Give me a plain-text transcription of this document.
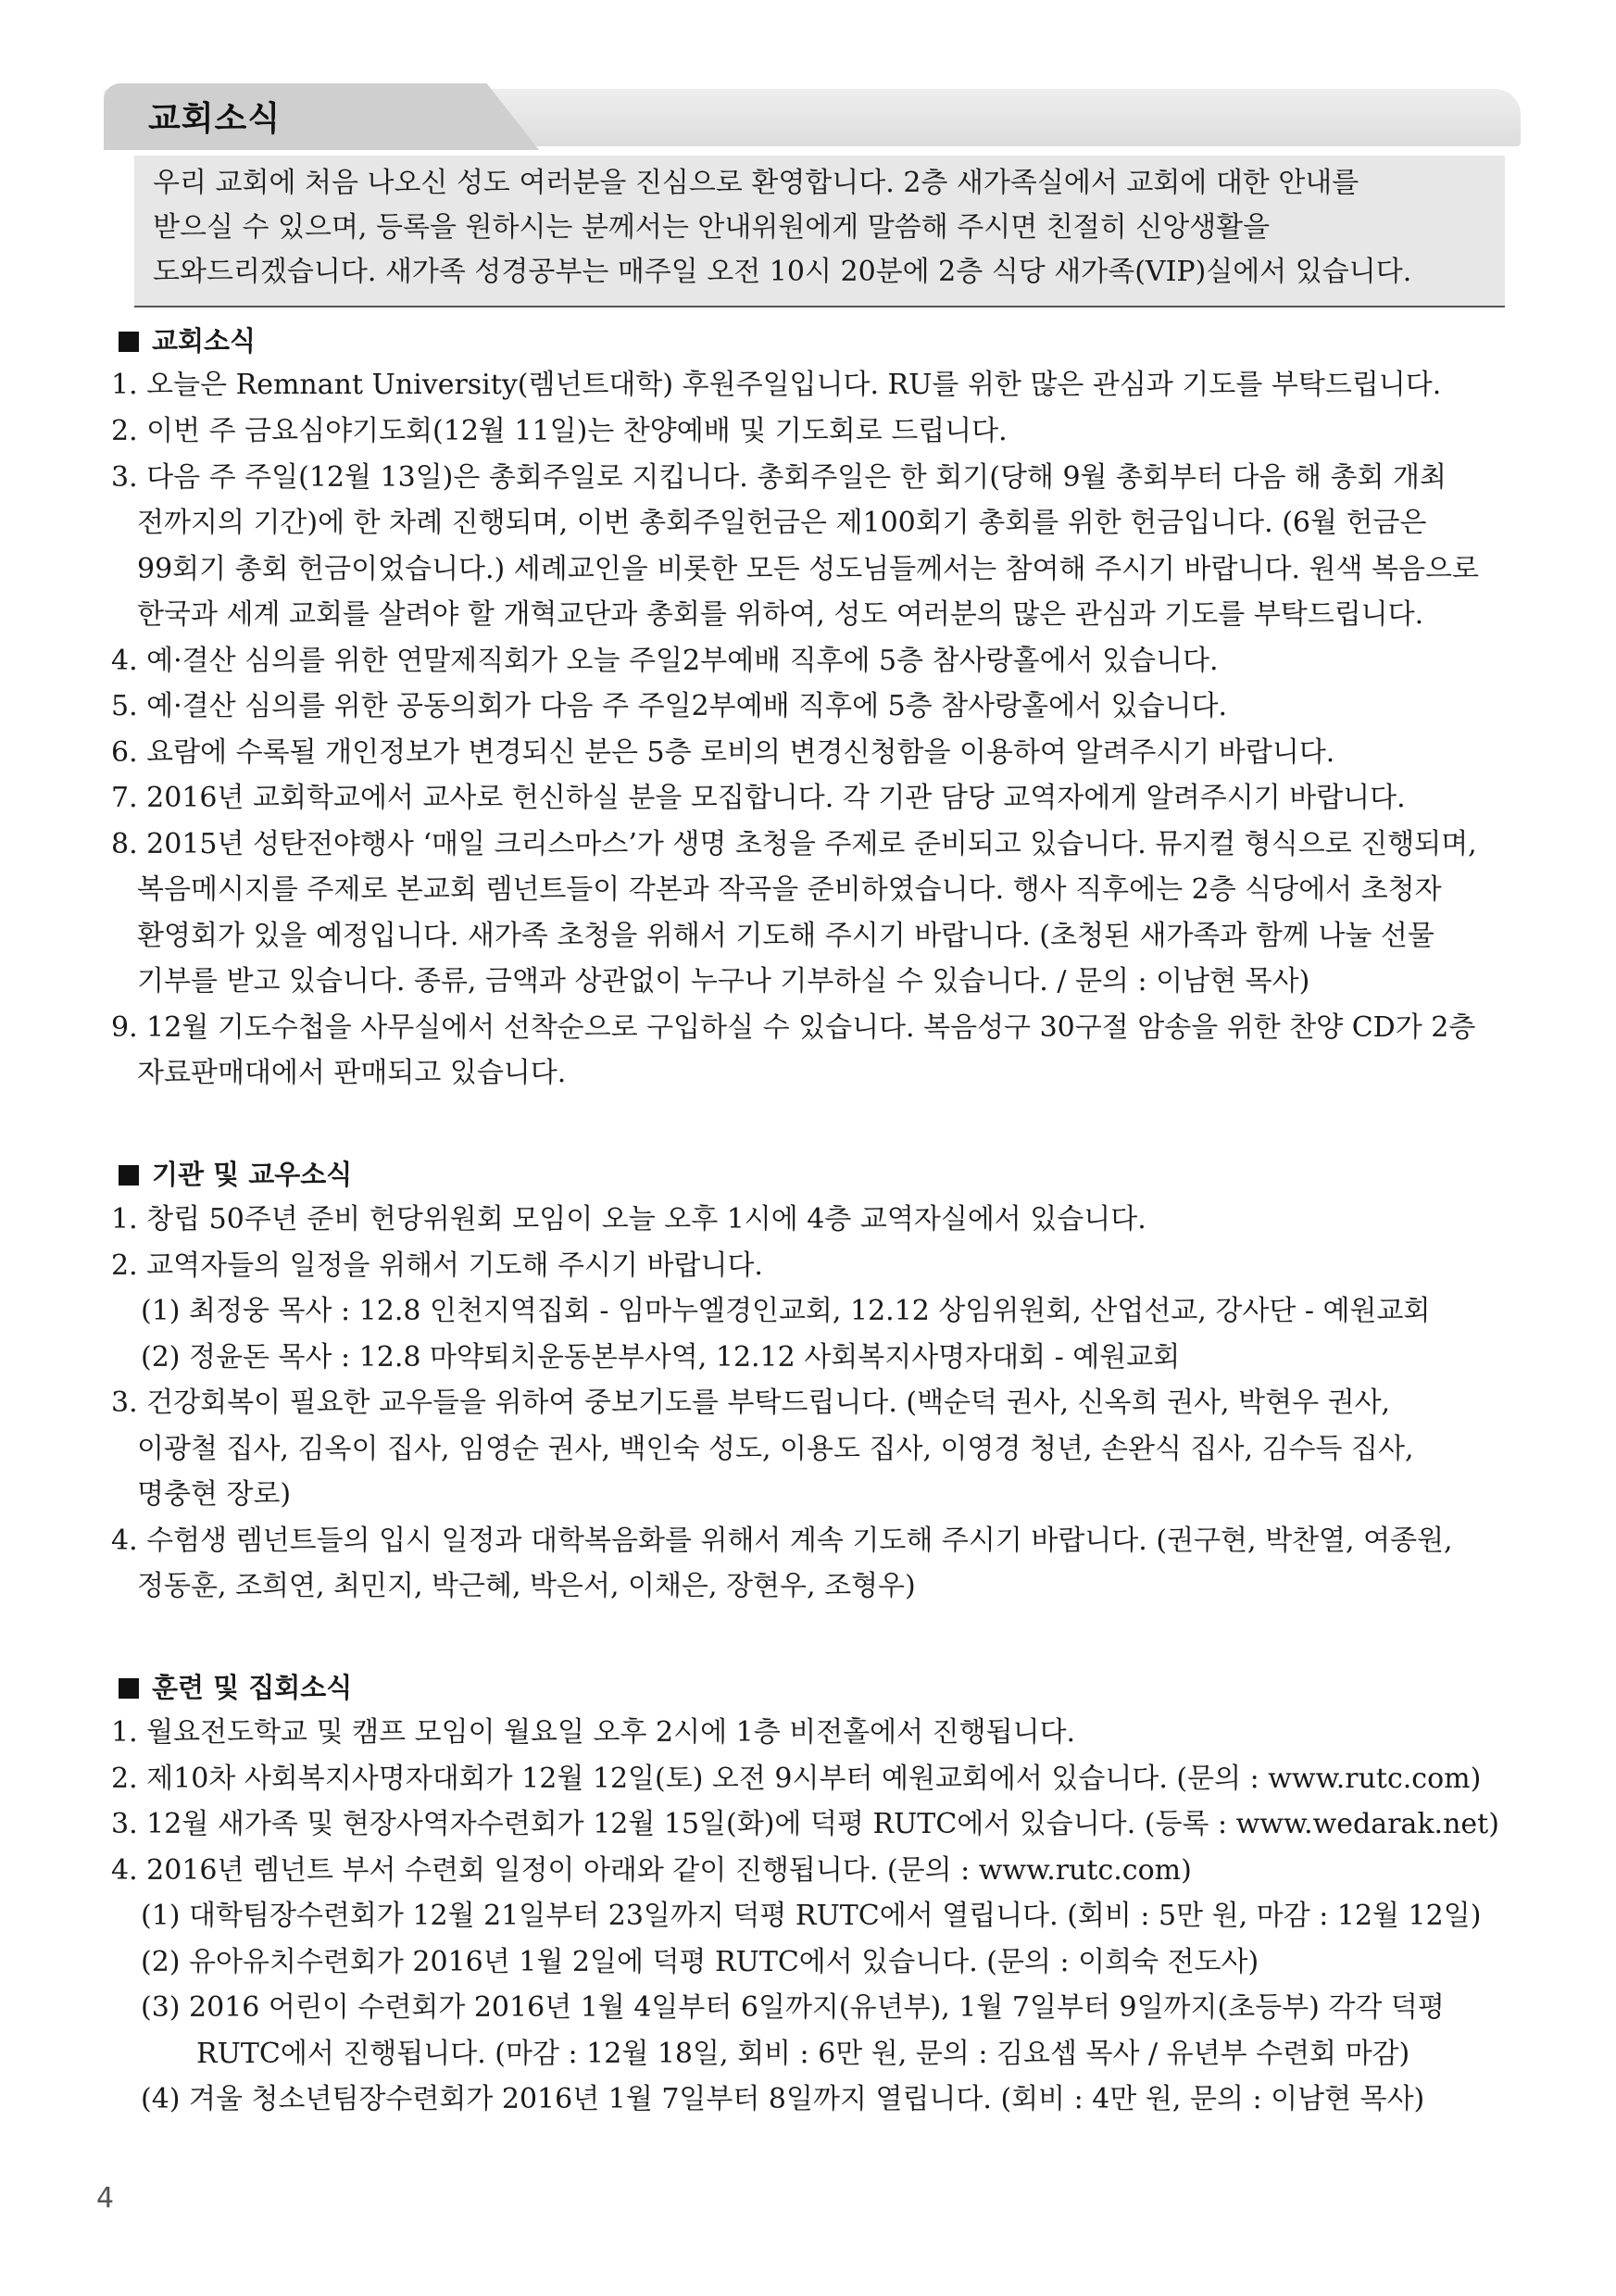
교회소식
우리 교회에 처음 나오신 성도 여러분을 진심으로 환영합니다. 2층 새가족실에서 교회에 대한 안내를
받으실 수 있으며, 등록을 원하시는 분께서는 안내위원에게 말씀해 주시면 친절히 신앙생활을
도와드리겠습니다. 새가족 성경공부는 매주일 오전 10시 20분에 2층 식당 새가족(VIP)실에서 있습니다.
교회소식
1. 오늘은 Remnant University(렘넌트대학) 후원주일입니다. RU를 위한 많은 관심과 기도를 부탁드립니다.
2. 이번 주 금요심야기도회(12월 11일)는 찬양예배 및 기도회로 드립니다.
3. 다음 주 주일(12월 13일)은 총회주일로 지킵니다. 총회주일은 한 회기(당해 9월 총회부터 다음 해 총회 개최
전까지의 기간)에 한 차례 진행되며, 이번 총회주일헌금은 제100회기 총회를 위한 헌금입니다. (6월 헌금은
99회기 총회 헌금이었습니다.) 세례교인을 비롯한 모든 성도님들께서는 참여해 주시기 바랍니다. 원색 복음으로
한국과 세계 교회를 살려야 할 개혁교단과 총회를 위하여, 성도 여러분의 많은 관심과 기도를 부탁드립니다.
4. 예·결산 심의를 위한 연말제직회가 오늘 주일2부예배 직후에 5층 참사랑홀에서 있습니다.
5. 예·결산 심의를 위한 공동의회가 다음 주 주일2부예배 직후에 5층 참사랑홀에서 있습니다.
6. 요람에 수록될 개인정보가 변경되신 분은 5층 로비의 변경신청함을 이용하여 알려주시기 바랍니다.
7. 2016년 교회학교에서 교사로 헌신하실 분을 모집합니다. 각 기관 담당 교역자에게 알려주시기 바랍니다.
8. 2015년 성탄전야행사 ‘매일 크리스마스’가 생명 초청을 주제로 준비되고 있습니다. 뮤지컬 형식으로 진행되며,
복음메시지를 주제로 본교회 렘넌트들이 각본과 작곡을 준비하였습니다. 행사 직후에는 2층 식당에서 초청자
환영회가 있을 예정입니다. 새가족 초청을 위해서 기도해 주시기 바랍니다. (초청된 새가족과 함께 나눌 선물
기부를 받고 있습니다. 종류, 금액과 상관없이 누구나 기부하실 수 있습니다. / 문의 : 이남현 목사)
9. 12월 기도수첩을 사무실에서 선착순으로 구입하실 수 있습니다. 복음성구 30구절 암송을 위한 찬양 CD가 2층
자료판매대에서 판매되고 있습니다.
기관 및 교우소식
1. 창립 50주년 준비 헌당위원회 모임이 오늘 오후 1시에 4층 교역자실에서 있습니다.
2. 교역자들의 일정을 위해서 기도해 주시기 바랍니다.
(1) 최정웅 목사 : 12.8 인천지역집회 - 임마누엘경인교회, 12.12 상임위원회, 산업선교, 강사단 - 예원교회
(2) 정윤돈 목사 : 12.8 마약퇴치운동본부사역, 12.12 사회복지사명자대회 - 예원교회
3. 건강회복이 필요한 교우들을 위하여 중보기도를 부탁드립니다. (백순덕 권사, 신옥희 권사, 박현우 권사,
이광철 집사, 김옥이 집사, 임영순 권사, 백인숙 성도, 이용도 집사, 이영경 청년, 손완식 집사, 김수득 집사,
명충현 장로)
4. 수험생 렘넌트들의 입시 일정과 대학복음화를 위해서 계속 기도해 주시기 바랍니다. (권구현, 박찬열, 여종원,
정동훈, 조희연, 최민지, 박근혜, 박은서, 이채은, 장현우, 조형우)
훈련 및 집회소식
1. 월요전도학교 및 캠프 모임이 월요일 오후 2시에 1층 비전홀에서 진행됩니다.
2. 제10차 사회복지사명자대회가 12월 12일(토) 오전 9시부터 예원교회에서 있습니다. (문의 : www.rutc.com)
3. 12월 새가족 및 현장사역자수련회가 12월 15일(화)에 덕평 RUTC에서 있습니다. (등록 : www.wedarak.net)
4. 2016년 렘넌트 부서 수련회 일정이 아래와 같이 진행됩니다. (문의 : www.rutc.com)
(1) 대학팀장수련회가 12월 21일부터 23일까지 덕평 RUTC에서 열립니다. (회비 : 5만 원, 마감 : 12월 12일)
(2) 유아유치수련회가 2016년 1월 2일에 덕평 RUTC에서 있습니다. (문의 : 이희숙 전도사)
(3) 2016 어린이 수련회가 2016년 1월 4일부터 6일까지(유년부), 1월 7일부터 9일까지(초등부) 각각 덕평
RUTC에서 진행됩니다. (마감 : 12월 18일, 회비 : 6만 원, 문의 : 김요셉 목사 / 유년부 수련회 마감)
(4) 겨울 청소년팀장수련회가 2016년 1월 7일부터 8일까지 열립니다. (회비 : 4만 원, 문의 : 이남현 목사)
4
